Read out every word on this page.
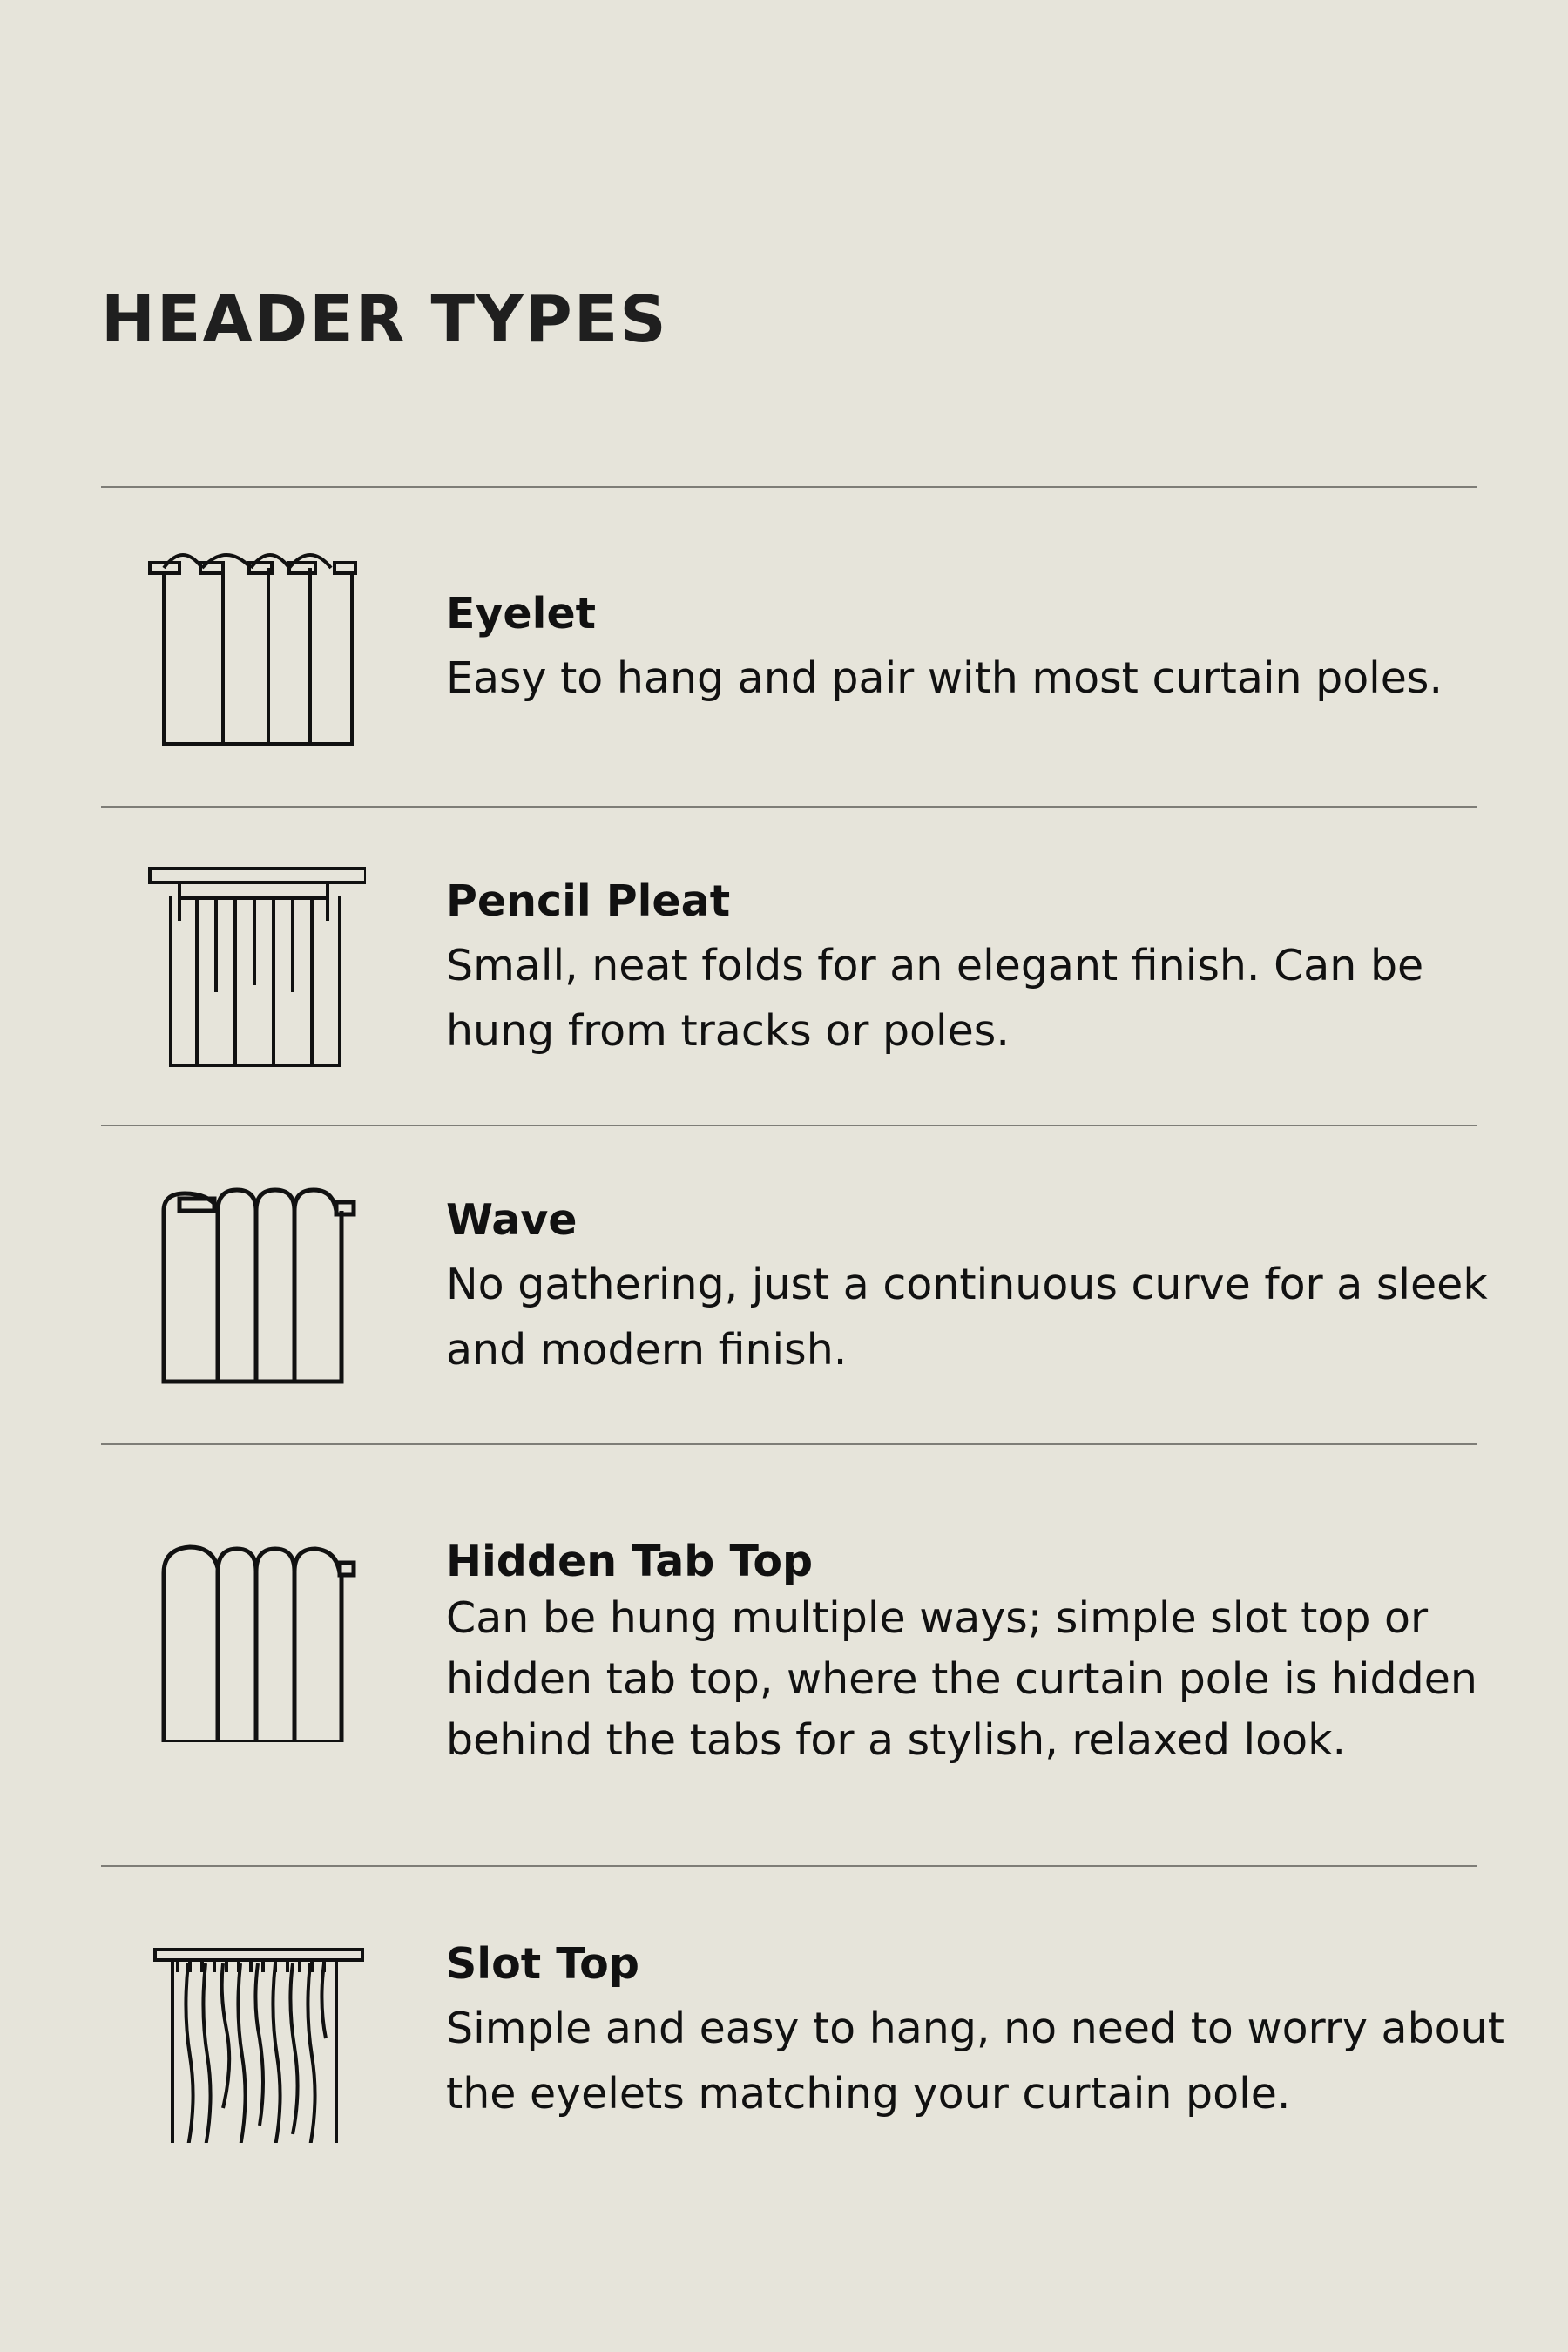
HEADER TYPES

Eyelet

Easy to hang and pair with most curtain poles.

Pencil Pleat

Small, neat folds for an elegant finish. Can be hung from tracks or poles.

Wave

No gathering, just a continuous curve for a sleek and modern finish.

Hidden Tab Top

Can be hung multiple ways; simple slot top or hidden tab top, where the curtain pole is hidden behind the tabs for a stylish, relaxed look.

Slot Top

Simple and easy to hang, no need to worry about the eyelets matching your curtain pole.
